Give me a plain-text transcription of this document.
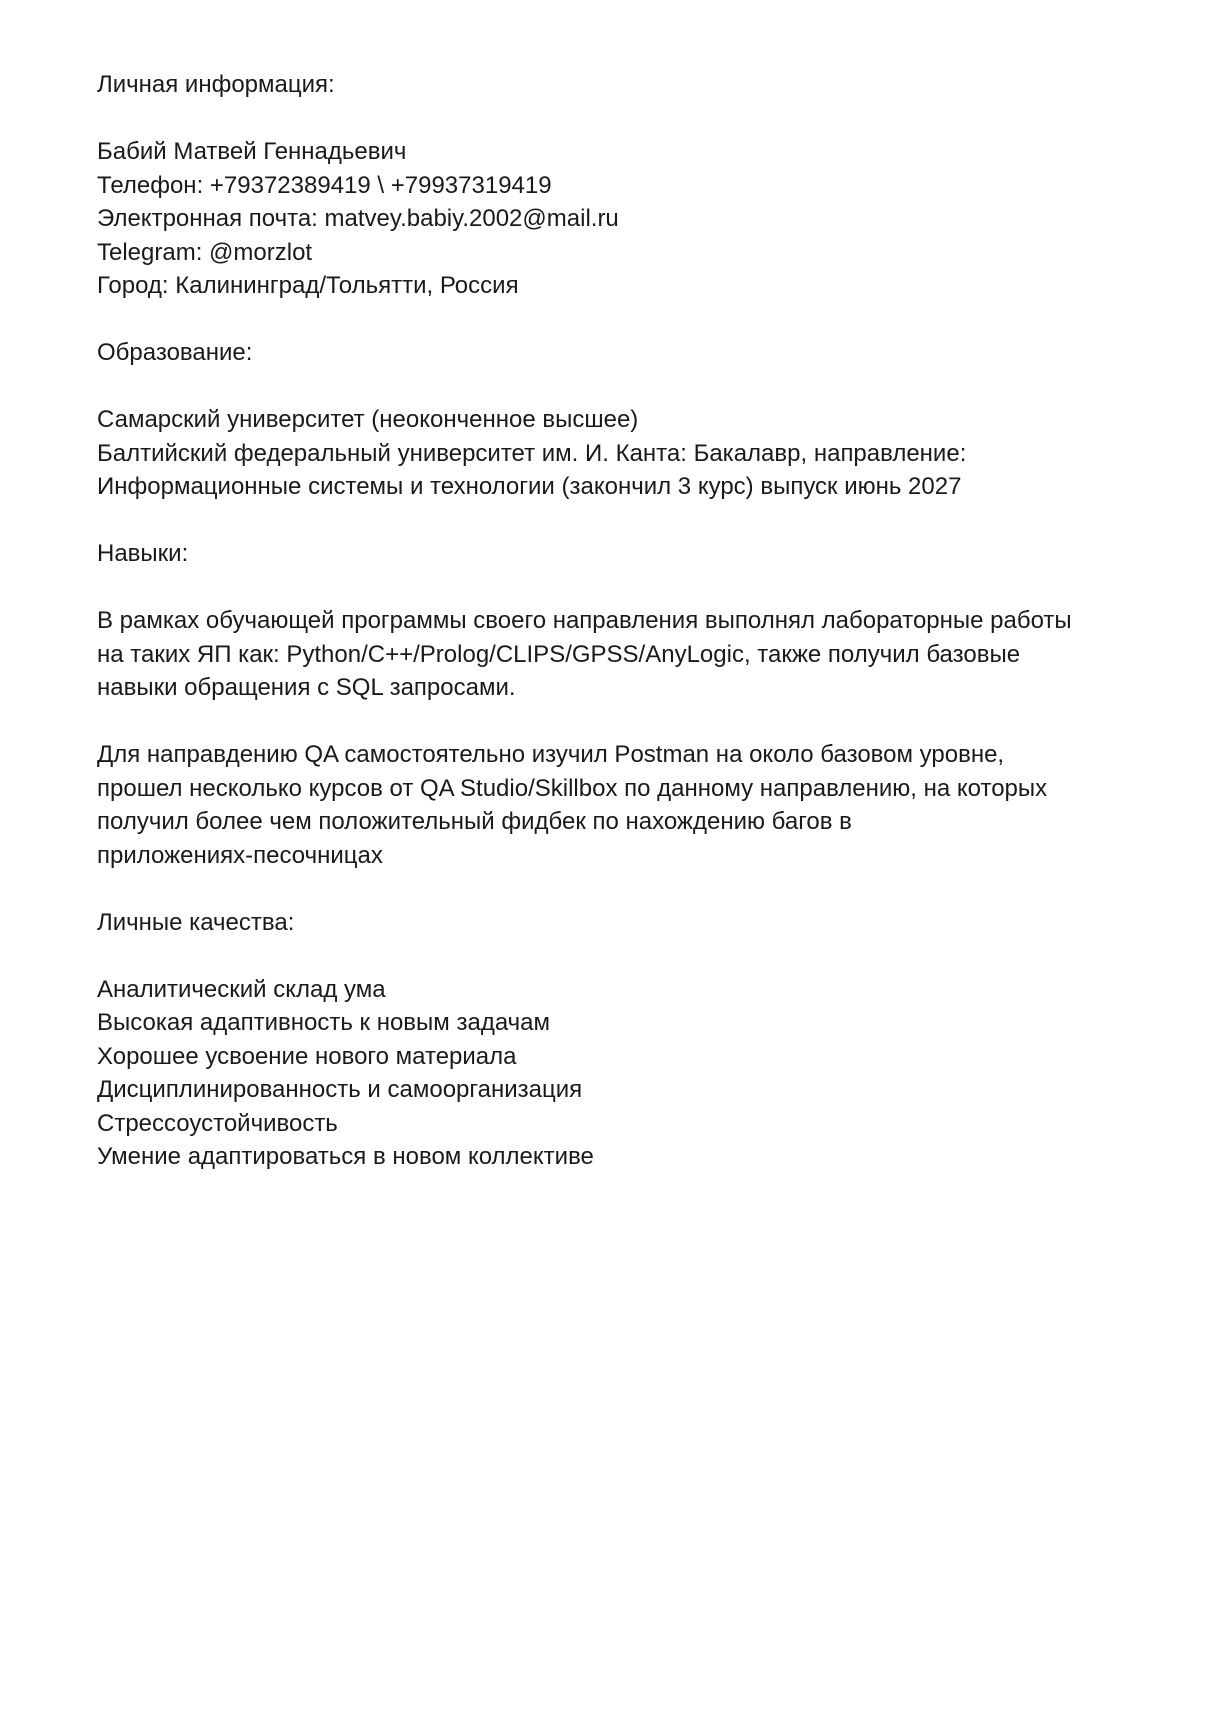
Личная информация:
Бабий Матвей Геннадьевич
Телефон: +79372389419 \ +79937319419
Электронная почта: matvey.babiy.2002@mail.ru
Telegram: @morzlot
Город: Калининград/Тольятти, Россия
Образование:
Самарский университет (неоконченное высшее)
Балтийский федеральный университет им. И. Канта: Бакалавр, направление:
Информационные системы и технологии (закончил 3 курс) выпуск июнь 2027
Навыки:
В рамках обучающей программы своего направления выполнял лабораторные работы
на таких ЯП как: Python/C++/Prolog/CLIPS/GPSS/AnyLogic, также получил базовые
навыки обращения с SQL запросами.
Для направдению QA самостоятельно изучил Postman на около базовом уровне,
прошел несколько курсов от QA Studio/Skillbox по данному направлению, на которых
получил более чем положительный фидбек по нахождению багов в
приложениях-песочницах
Личные качества:
Аналитический склад ума
Высокая адаптивность к новым задачам
Хорошее усвоение нового материала
Дисциплинированность и самоорганизация
Стрессоустойчивость
Умение адаптироваться в новом коллективе
